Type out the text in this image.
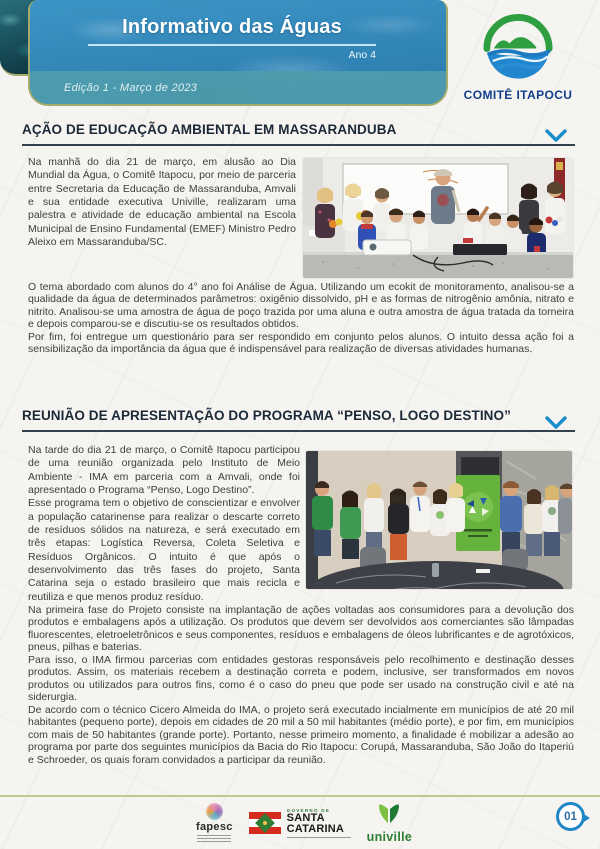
Informativo das Águas
Ano 4
Edição 1 - Março de 2023
COMITÊ ITAPOCU
AÇÃO DE EDUCAÇÃO AMBIENTAL EM MASSARANDUBA

Na manhã do dia 21 de março, em alusão ao Dia Mundial da Água, o Comitê Itapocu, por meio de parceria entre Secretaria da Educação de Massaranduba, Amvali e sua entidade executiva Univille, realizaram uma palestra e atividade de educação ambiental na Escola Municipal de Ensino Fundamental (EMEF) Ministro Pedro Aleixo em Massaranduba/SC.

O tema abordado com alunos do 4° ano foi Análise de Água. Utilizando um ecokit de monitoramento, analisou-se a qualidade da água de determinados parâmetros: oxigênio dissolvido, pH e as formas de nitrogênio amônia, nitrato e nitrito. Analisou-se uma amostra de água de poço trazida por uma aluna e outra amostra de água tratada da torneira e depois comparou-se e discutiu-se os resultados obtidos.

Por fim, foi entregue um questionário para ser respondido em conjunto pelos alunos. O intuito dessa ação foi a sensibilização da importância da água que é indispensável para realização de diversas atividades humanas.

REUNIÃO DE APRESENTAÇÃO DO PROGRAMA “PENSO, LOGO DESTINO”

Na tarde do dia 21 de março, o Comitê Itapocu participou de uma reunião organizada pelo Instituto de Meio Ambiente - IMA em parceria com a Amvali, onde foi apresentado o Programa “Penso, Logo Destino”.

Esse programa tem o objetivo de conscientizar e envolver a população catarinense para realizar o descarte correto de resíduos sólidos na natureza, e será executado em três etapas: Logística Reversa, Coleta Seletiva e Resíduos Orgânicos. O intuito é que após o desenvolvimento das três fases do projeto, Santa Catarina seja o estado brasileiro que mais recicla e reutiliza e que menos produz resíduo.

Na primeira fase do Projeto consiste na implantação de ações voltadas aos consumidores para a devolução dos produtos e embalagens após a utilização. Os produtos que devem ser devolvidos aos comerciantes são lâmpadas fluorescentes, eletroeletrônicos e seus componentes, resíduos e embalagens de óleos lubrificantes e de agrotóxicos, pneus, pilhas e baterias.

Para isso, o IMA firmou parcerias com entidades gestoras responsáveis pelo recolhimento e destinação desses produtos. Assim, os materiais recebem a destinação correta e podem, inclusive, ser transformados em novos produtos ou utilizados para outros fins, como é o caso do pneu que pode ser usado na construção civil e até na siderurgia.

De acordo com o técnico Cicero Almeida do IMA, o projeto será executado incialmente em municípios de até 20 mil habitantes (pequeno porte), depois em cidades de 20 mil a 50 mil habitantes (médio porte), e por fim, em municípios com mais de 50 habitantes (grande porte). Portanto, nesse primeiro momento, a finalidade é mobilizar a adesão ao programa por parte dos seguintes municípios da Bacia do Rio Itapocu: Corupá, Massaranduba, São João do Itaperiú e Schroeder, os quais foram convidados a participar da reunião.

fapesc
GOVERNO DE
SANTA
CATARINA
univille
01
